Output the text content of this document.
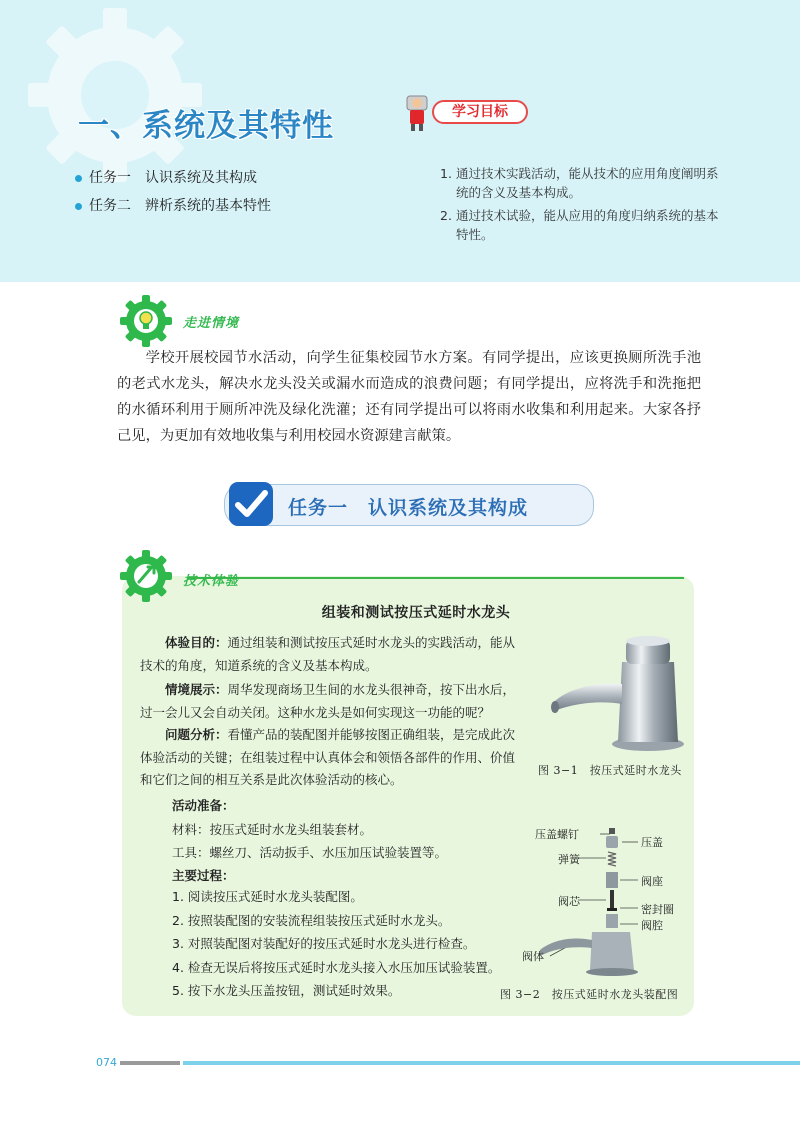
一、系统及其特性
任务一 认识系统及其构成
任务二 辨析系统的基本特性
学习目标
1. 通过技术实践活动，能从技术的应用角度阐明系统的含义及基本构成。
2. 通过技术试验，能从应用的角度归纳系统的基本特性。
走进情境

学校开展校园节水活动，向学生征集校园节水方案。有同学提出，应该更换厕所洗手池的老式水龙头，解决水龙头没关或漏水而造成的浪费问题；有同学提出，应将洗手和洗拖把的水循环利用于厕所冲洗及绿化洗灌；还有同学提出可以将雨水收集和利用起来。大家各抒己见，为更加有效地收集与利用校园水资源建言献策。

任务一　认识系统及其构成
技术体验
组装和测试按压式延时水龙头

体验目的：通过组装和测试按压式延时水龙头的实践活动，能从技术的角度，知道系统的含义及基本构成。

情境展示：周华发现商场卫生间的水龙头很神奇，按下出水后，过一会儿又会自动关闭。这种水龙头是如何实现这一功能的呢？

问题分析：看懂产品的装配图并能够按图正确组装，是完成此次体验活动的关键；在组装过程中认真体会和领悟各部件的作用、价值和它们之间的相互关系是此次体验活动的核心。

活动准备：
材料：按压式延时水龙头组装套材。
工具：螺丝刀、活动扳手、水压加压试验装置等。
主要过程：
1. 阅读按压式延时水龙头装配图。
2. 按照装配图的安装流程组装按压式延时水龙头。
3. 对照装配图对装配好的按压式延时水龙头进行检查。
4. 检查无误后将按压式延时水龙头接入水压加压试验装置。
5. 按下水龙头压盖按钮，测试延时效果。
图 3−1　按压式延时水龙头
压盖螺钉
压盖
弹簧
阀座
阀芯
密封圈
阀腔
阀体
图 3−2　按压式延时水龙头装配图
074
